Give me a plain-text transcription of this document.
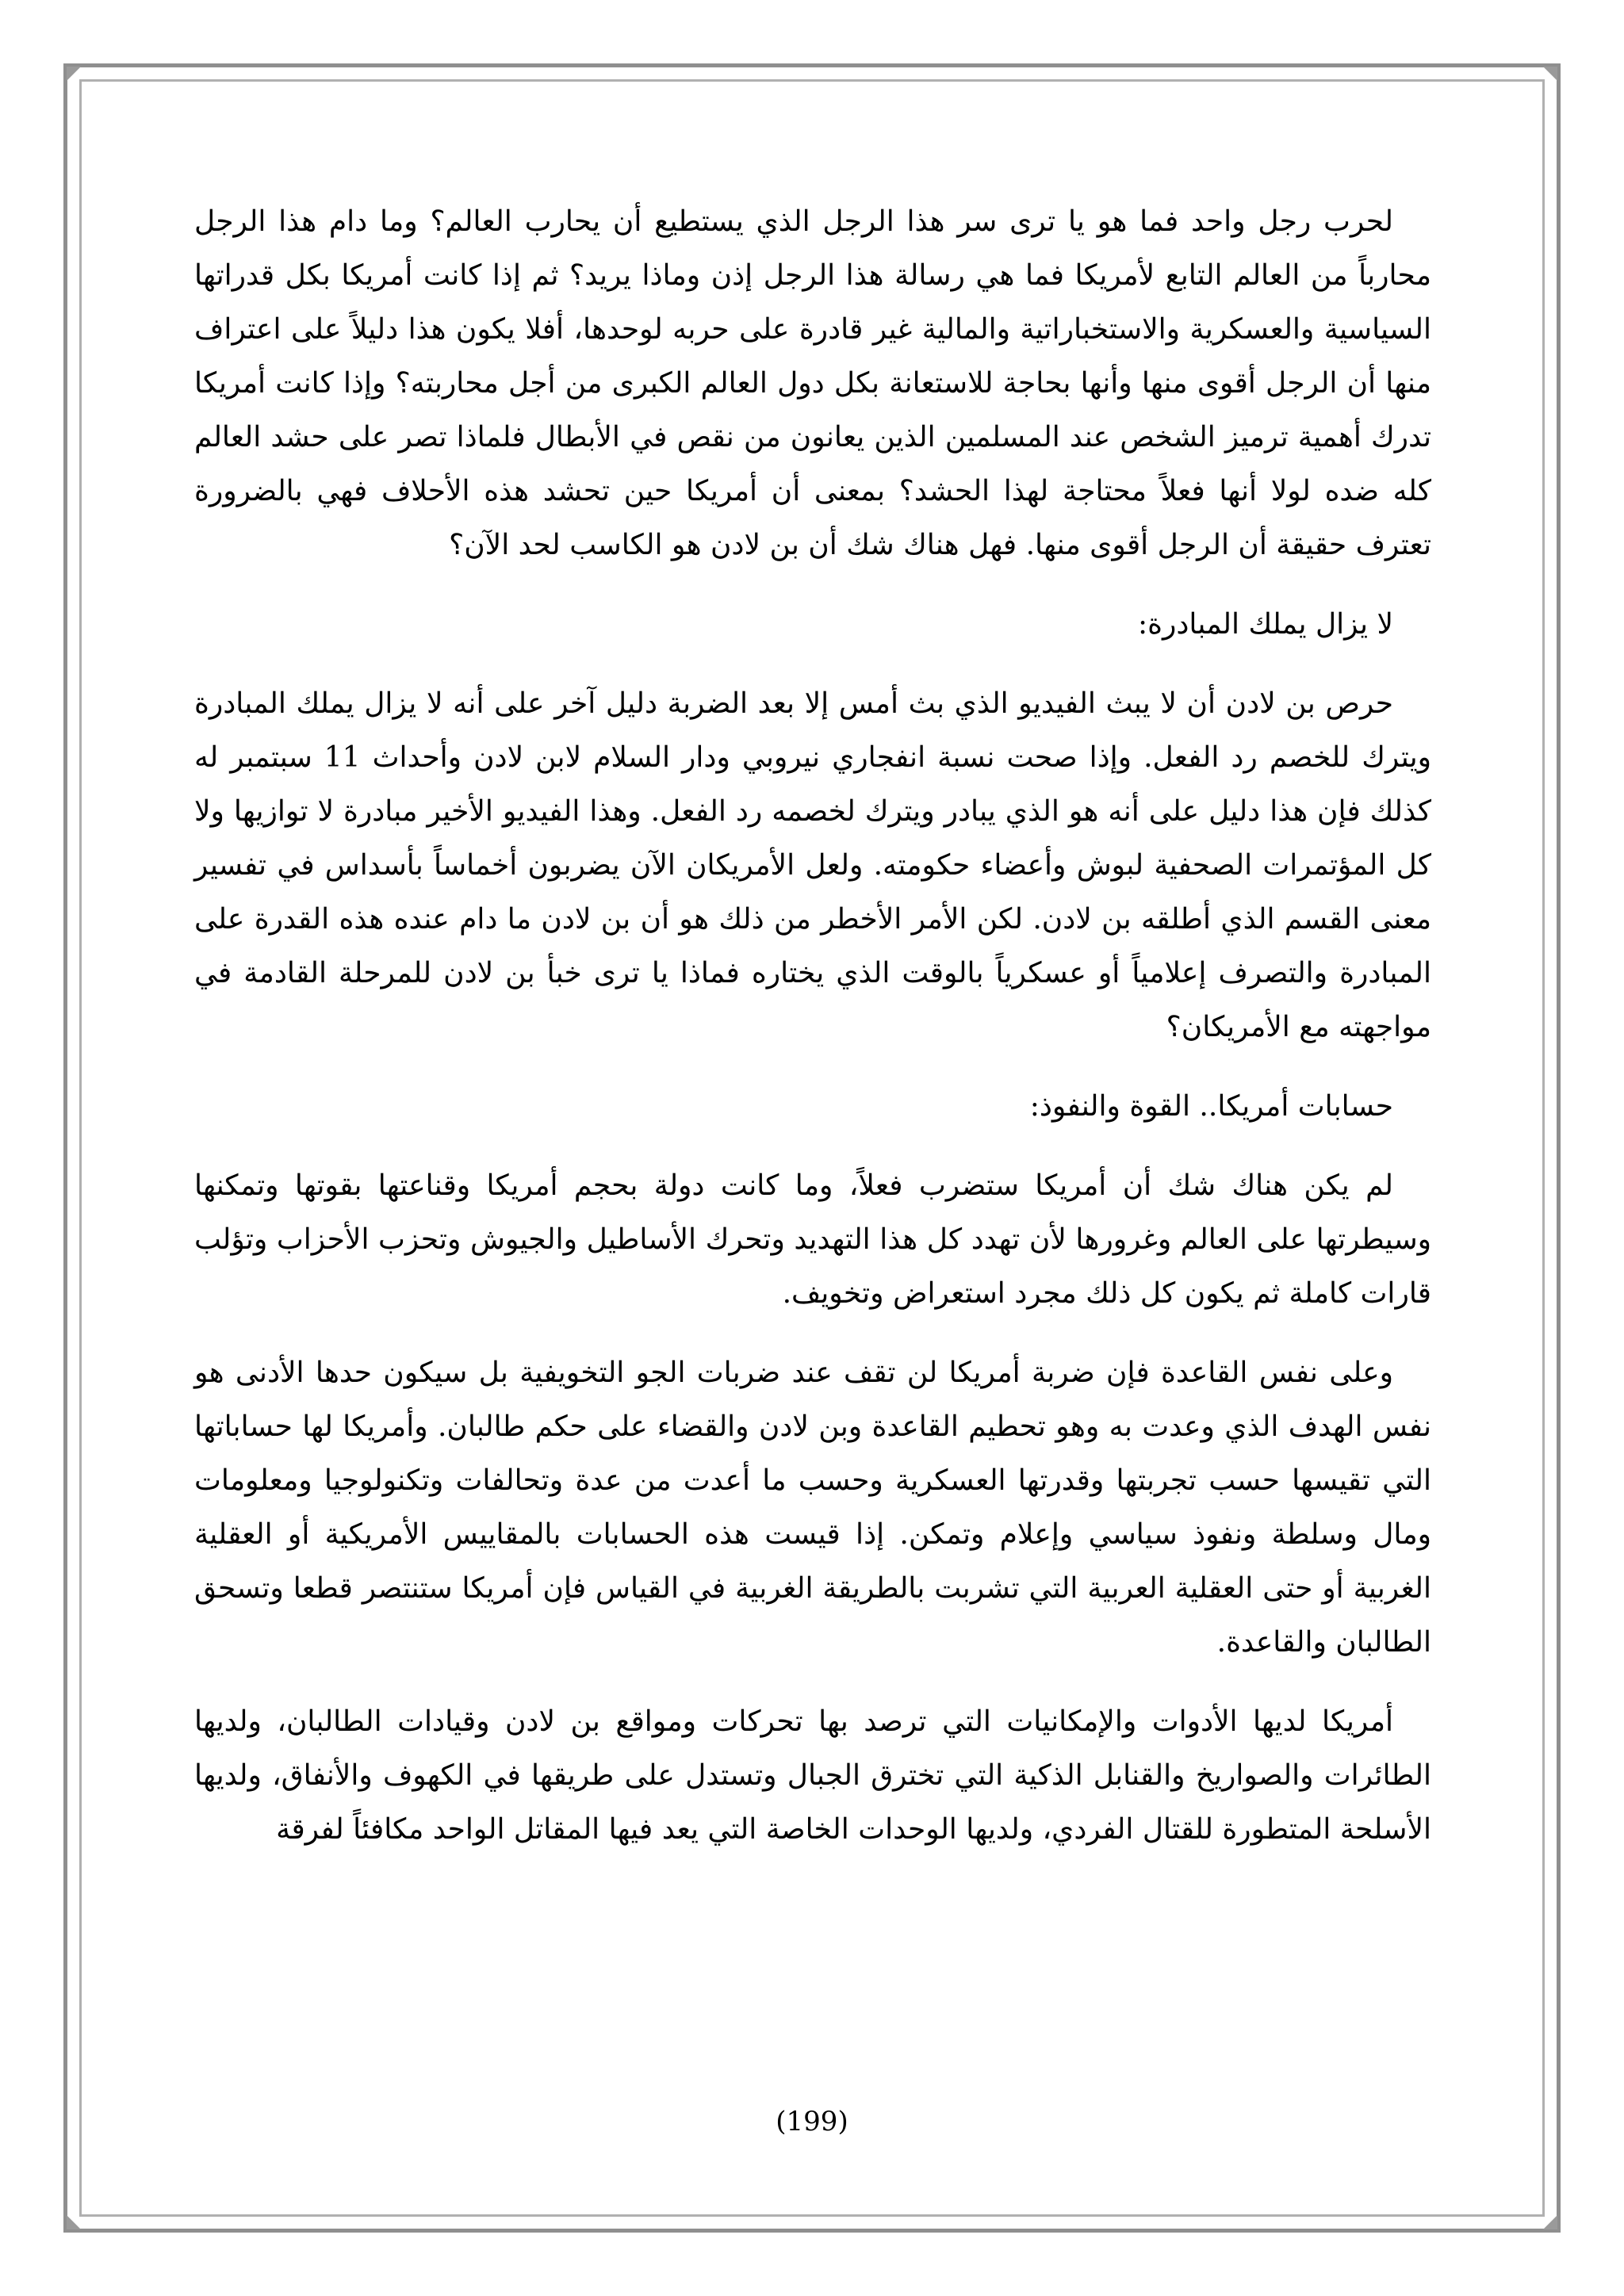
لحرب رجل واحد فما هو يا ترى سر هذا الرجل الذي يستطيع أن يحارب العالم؟ وما دام هذا الرجل محارباً من العالم التابع لأمريكا فما هي رسالة هذا الرجل إذن وماذا يريد؟ ثم إذا كانت أمريكا بكل قدراتها السياسية والعسكرية والاستخباراتية والمالية غير قادرة على حربه لوحدها، أفلا يكون هذا دليلاً على اعتراف منها أن الرجل أقوى منها وأنها بحاجة للاستعانة بكل دول العالم الكبرى من أجل محاربته؟ وإذا كانت أمريكا تدرك أهمية ترميز الشخص عند المسلمين الذين يعانون من نقص في الأبطال فلماذا تصر على حشد العالم كله ضده لولا أنها فعلاً محتاجة لهذا الحشد؟ بمعنى أن أمريكا حين تحشد هذه الأحلاف فهي بالضرورة تعترف حقيقة أن الرجل أقوى منها. فهل هناك شك أن بن لادن هو الكاسب لحد الآن؟

لا يزال يملك المبادرة:

حرص بن لادن أن لا يبث الفيديو الذي بث أمس إلا بعد الضربة دليل آخر على أنه لا يزال يملك المبادرة ويترك للخصم رد الفعل. وإذا صحت نسبة انفجاري نيروبي ودار السلام لابن لادن وأحداث 11 سبتمبر له كذلك فإن هذا دليل على أنه هو الذي يبادر ويترك لخصمه رد الفعل. وهذا الفيديو الأخير مبادرة لا توازيها ولا كل المؤتمرات الصحفية لبوش وأعضاء حكومته. ولعل الأمريكان الآن يضربون أخماساً بأسداس في تفسير معنى القسم الذي أطلقه بن لادن. لكن الأمر الأخطر من ذلك هو أن بن لادن ما دام عنده هذه القدرة على المبادرة والتصرف إعلامياً أو عسكرياً بالوقت الذي يختاره فماذا يا ترى خبأ بن لادن للمرحلة القادمة في مواجهته مع الأمريكان؟

حسابات أمريكا.. القوة والنفوذ:

لم يكن هناك شك أن أمريكا ستضرب فعلاً، وما كانت دولة بحجم أمريكا وقناعتها بقوتها وتمكنها وسيطرتها على العالم وغرورها لأن تهدد كل هذا التهديد وتحرك الأساطيل والجيوش وتحزب الأحزاب وتؤلب قارات كاملة ثم يكون كل ذلك مجرد استعراض وتخويف.

وعلى نفس القاعدة فإن ضربة أمريكا لن تقف عند ضربات الجو التخويفية بل سيكون حدها الأدنى هو نفس الهدف الذي وعدت به وهو تحطيم القاعدة وبن لادن والقضاء على حكم طالبان. وأمريكا لها حساباتها التي تقيسها حسب تجربتها وقدرتها العسكرية وحسب ما أعدت من عدة وتحالفات وتكنولوجيا ومعلومات ومال وسلطة ونفوذ سياسي وإعلام وتمكن. إذا قيست هذه الحسابات بالمقاييس الأمريكية أو العقلية الغربية أو حتى العقلية العربية التي تشربت بالطريقة الغربية في القياس فإن أمريكا ستنتصر قطعا وتسحق الطالبان والقاعدة.

أمريكا لديها الأدوات والإمكانيات التي ترصد بها تحركات ومواقع بن لادن وقيادات الطالبان، ولديها الطائرات والصواريخ والقنابل الذكية التي تخترق الجبال وتستدل على طريقها في الكهوف والأنفاق، ولديها الأسلحة المتطورة للقتال الفردي، ولديها الوحدات الخاصة التي يعد فيها المقاتل الواحد مكافئاً لفرقة

(199)
